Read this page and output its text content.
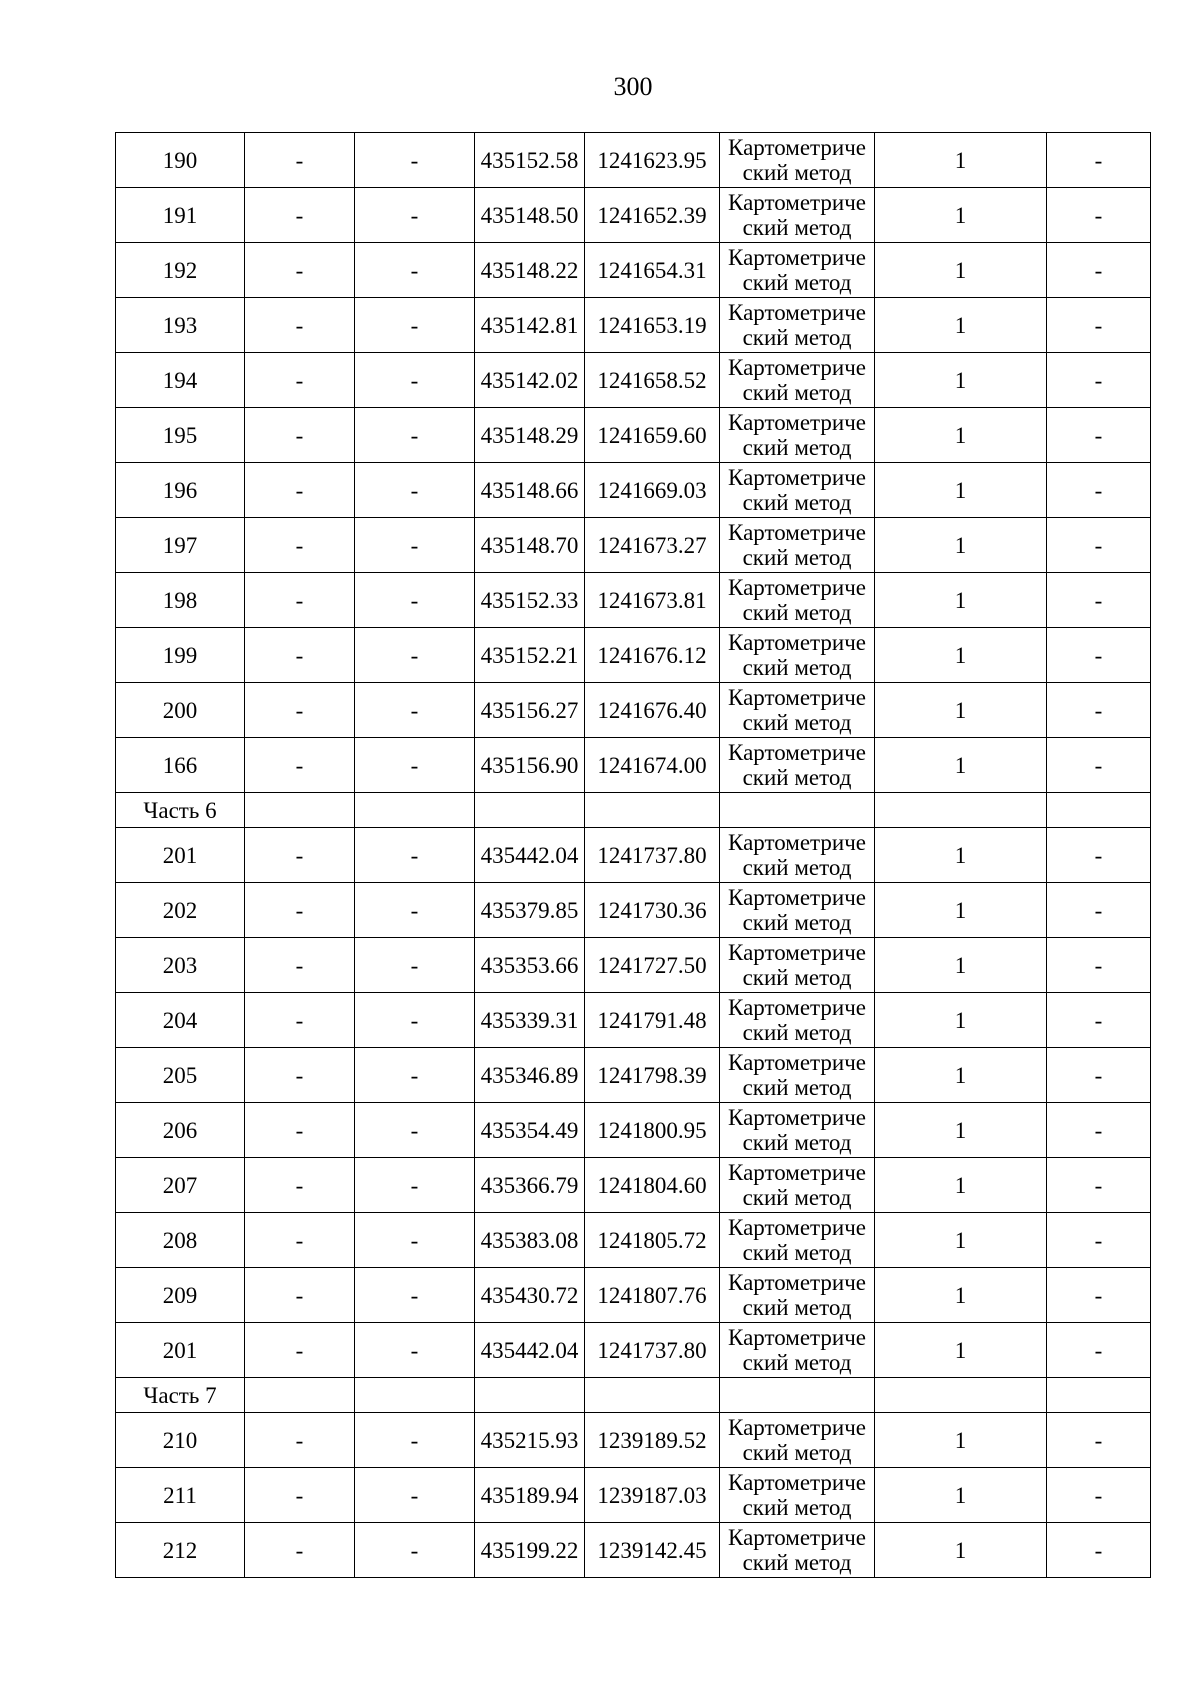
300
190	-	-	435152.58	1241623.95	Картометриче
ский метод	1	-
191	-	-	435148.50	1241652.39	Картометриче
ский метод	1	-
192	-	-	435148.22	1241654.31	Картометриче
ский метод	1	-
193	-	-	435142.81	1241653.19	Картометриче
ский метод	1	-
194	-	-	435142.02	1241658.52	Картометриче
ский метод	1	-
195	-	-	435148.29	1241659.60	Картометриче
ский метод	1	-
196	-	-	435148.66	1241669.03	Картометриче
ский метод	1	-
197	-	-	435148.70	1241673.27	Картометриче
ский метод	1	-
198	-	-	435152.33	1241673.81	Картометриче
ский метод	1	-
199	-	-	435152.21	1241676.12	Картометриче
ский метод	1	-
200	-	-	435156.27	1241676.40	Картометриче
ский метод	1	-
166	-	-	435156.90	1241674.00	Картометриче
ский метод	1	-
Часть 6							
201	-	-	435442.04	1241737.80	Картометриче
ский метод	1	-
202	-	-	435379.85	1241730.36	Картометриче
ский метод	1	-
203	-	-	435353.66	1241727.50	Картометриче
ский метод	1	-
204	-	-	435339.31	1241791.48	Картометриче
ский метод	1	-
205	-	-	435346.89	1241798.39	Картометриче
ский метод	1	-
206	-	-	435354.49	1241800.95	Картометриче
ский метод	1	-
207	-	-	435366.79	1241804.60	Картометриче
ский метод	1	-
208	-	-	435383.08	1241805.72	Картометриче
ский метод	1	-
209	-	-	435430.72	1241807.76	Картометриче
ский метод	1	-
201	-	-	435442.04	1241737.80	Картометриче
ский метод	1	-
Часть 7							
210	-	-	435215.93	1239189.52	Картометриче
ский метод	1	-
211	-	-	435189.94	1239187.03	Картометриче
ский метод	1	-
212	-	-	435199.22	1239142.45	Картометриче
ский метод	1	-
